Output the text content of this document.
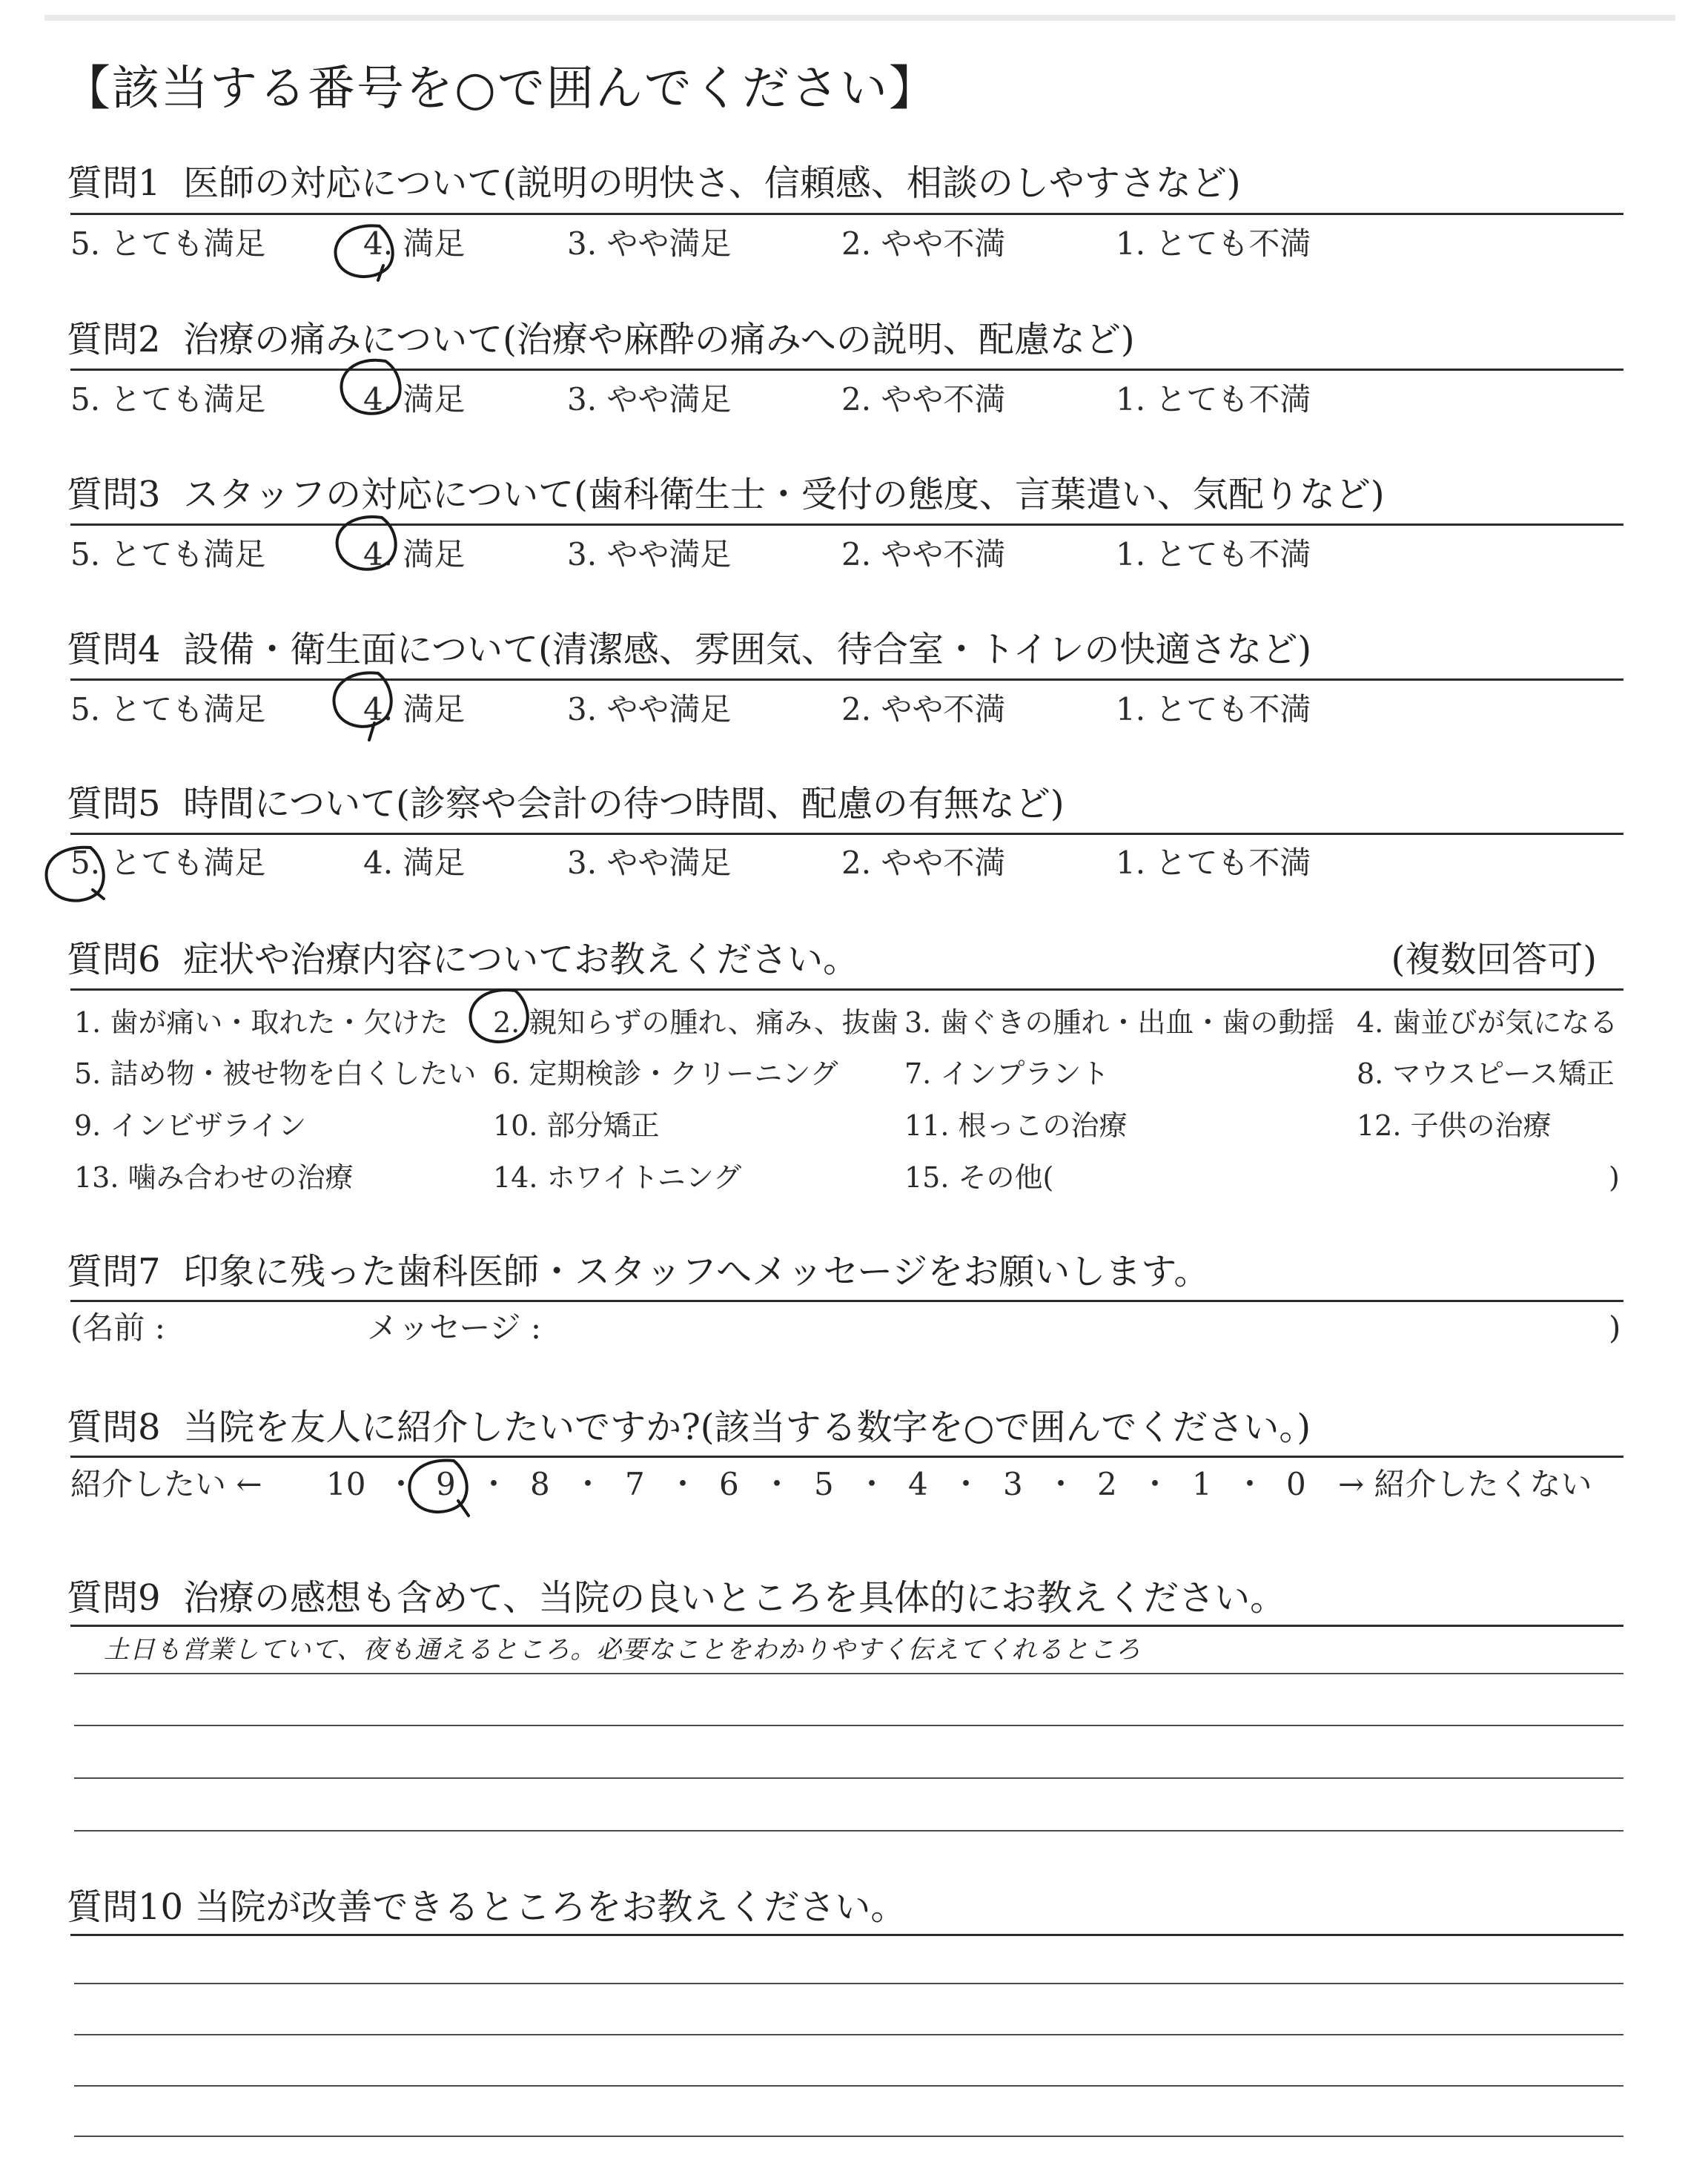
【該当する番号を○で囲んでください】
質問1 医師の対応について(説明の明快さ、信頼感、相談のしやすさなど)
5. とても満足	4. 満足	3. やや満足	2. やや不満	1. とても不満
質問2 治療の痛みについて(治療や麻酔の痛みへの説明、配慮など)
5. とても満足	4. 満足	3. やや満足	2. やや不満	1. とても不満
質問3 スタッフの対応について(歯科衛生士・受付の態度、言葉遣い、気配りなど)
5. とても満足	4. 満足	3. やや満足	2. やや不満	1. とても不満
質問4 設備・衛生面について(清潔感、雰囲気、待合室・トイレの快適さなど)
5. とても満足	4. 満足	3. やや満足	2. やや不満	1. とても不満
質問5 時間について(診察や会計の待つ時間、配慮の有無など)
5. とても満足	4. 満足	3. やや満足	2. やや不満	1. とても不満
質問6 症状や治療内容についてお教えください。	(複数回答可)
1. 歯が痛い・取れた・欠けた 2. 親知らずの腫れ、痛み、抜歯 3. 歯ぐきの腫れ・出血・歯の動揺 4. 歯並びが気になる
5. 詰め物・被せ物を白くしたい 6. 定期検診・クリーニング 7. インプラント	8. マウスピース矯正
9. インビザライン	10. 部分矯正	11. 根っこの治療	12. 子供の治療
13. 噛み合わせの治療	14. ホワイトニング	15. その他(	)
質問7 印象に残った歯科医師・スタッフへメッセージをお願いします。
(名前 :	メッセージ :	)
質問8 当院を友人に紹介したいですか?(該当する数字を○で囲んでください。)
紹介したい ← 10 ・ 9 ・ 8 ・ 7 ・ 6 ・ 5 ・ 4 ・ 3 ・ 2 ・ 1 ・ 0 → 紹介したくない
質問9 治療の感想も含めて、当院の良いところを具体的にお教えください。
土日も営業していて、夜も通えるところ。必要なことをわかりやすく伝えてくれるところ
質問10 当院が改善できるところをお教えください。
